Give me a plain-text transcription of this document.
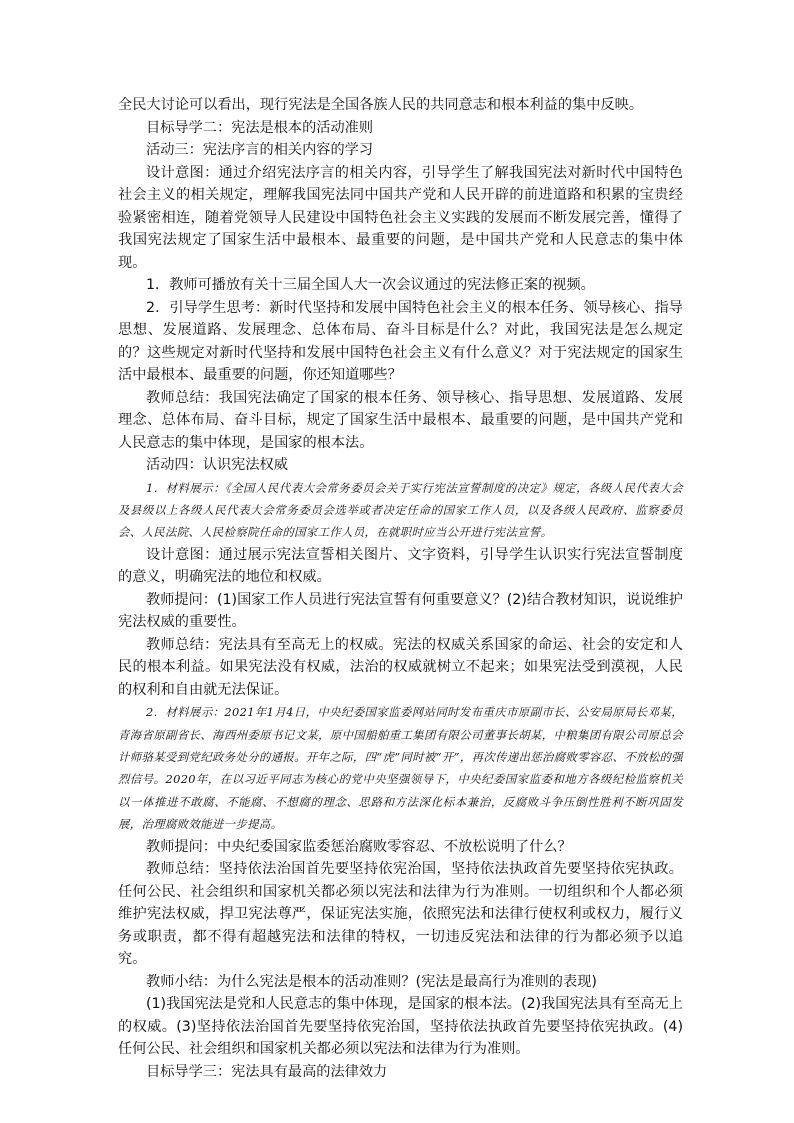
全民大讨论可以看出，现行宪法是全国各族人民的共同意志和根本利益的集中反映。

目标导学二：宪法是根本的活动准则

活动三：宪法序言的相关内容的学习

设计意图：通过介绍宪法序言的相关内容，引导学生了解我国宪法对新时代中国特色社会主义的相关规定，理解我国宪法同中国共产党和人民开辟的前进道路和积累的宝贵经验紧密相连，随着党领导人民建设中国特色社会主义实践的发展而不断发展完善，懂得了我国宪法规定了国家生活中最根本、最重要的问题，是中国共产党和人民意志的集中体现。

1．教师可播放有关十三届全国人大一次会议通过的宪法修正案的视频。

2．引导学生思考：新时代坚持和发展中国特色社会主义的根本任务、领导核心、指导思想、发展道路、发展理念、总体布局、奋斗目标是什么？对此，我国宪法是怎么规定的？这些规定对新时代坚持和发展中国特色社会主义有什么意义？对于宪法规定的国家生活中最根本、最重要的问题，你还知道哪些？

教师总结：我国宪法确定了国家的根本任务、领导核心、指导思想、发展道路、发展理念、总体布局、奋斗目标，规定了国家生活中最根本、最重要的问题，是中国共产党和人民意志的集中体现，是国家的根本法。

活动四：认识宪法权威

1．材料展示：《全国人民代表大会常务委员会关于实行宪法宣誓制度的决定》规定，各级人民代表大会及县级以上各级人民代表大会常务委员会选举或者决定任命的国家工作人员，以及各级人民政府、监察委员会、人民法院、人民检察院任命的国家工作人员，在就职时应当公开进行宪法宣誓。

设计意图：通过展示宪法宣誓相关图片、文字资料，引导学生认识实行宪法宣誓制度的意义，明确宪法的地位和权威。

教师提问：(1)国家工作人员进行宪法宣誓有何重要意义？(2)结合教材知识，说说维护宪法权威的重要性。

教师总结：宪法具有至高无上的权威。宪法的权威关系国家的命运、社会的安定和人民的根本利益。如果宪法没有权威，法治的权威就树立不起来；如果宪法受到漠视，人民的权利和自由就无法保证。

2．材料展示：2021年1月4日，中央纪委国家监委网站同时发布重庆市原副市长、公安局原局长邓某，青海省原副省长、海西州委原书记文某，原中国船舶重工集团有限公司董事长胡某，中粮集团有限公司原总会计师骆某受到党纪政务处分的通报。开年之际，四“虎”同时被“开”，再次传递出惩治腐败零容忍、不放松的强烈信号。2020年，在以习近平同志为核心的党中央坚强领导下，中央纪委国家监委和地方各级纪检监察机关以一体推进不敢腐、不能腐、不想腐的理念、思路和方法深化标本兼治，反腐败斗争压倒性胜利不断巩固发展，治理腐败效能进一步提高。

教师提问：中央纪委国家监委惩治腐败零容忍、不放松说明了什么？

教师总结：坚持依法治国首先要坚持依宪治国，坚持依法执政首先要坚持依宪执政。任何公民、社会组织和国家机关都必须以宪法和法律为行为准则。一切组织和个人都必须维护宪法权威，捍卫宪法尊严，保证宪法实施，依照宪法和法律行使权利或权力，履行义务或职责，都不得有超越宪法和法律的特权，一切违反宪法和法律的行为都必须予以追究。

教师小结：为什么宪法是根本的活动准则？(宪法是最高行为准则的表现)

(1)我国宪法是党和人民意志的集中体现，是国家的根本法。(2)我国宪法具有至高无上的权威。(3)坚持依法治国首先要坚持依宪治国，坚持依法执政首先要坚持依宪执政。(4)任何公民、社会组织和国家机关都必须以宪法和法律为行为准则。

目标导学三：宪法具有最高的法律效力
